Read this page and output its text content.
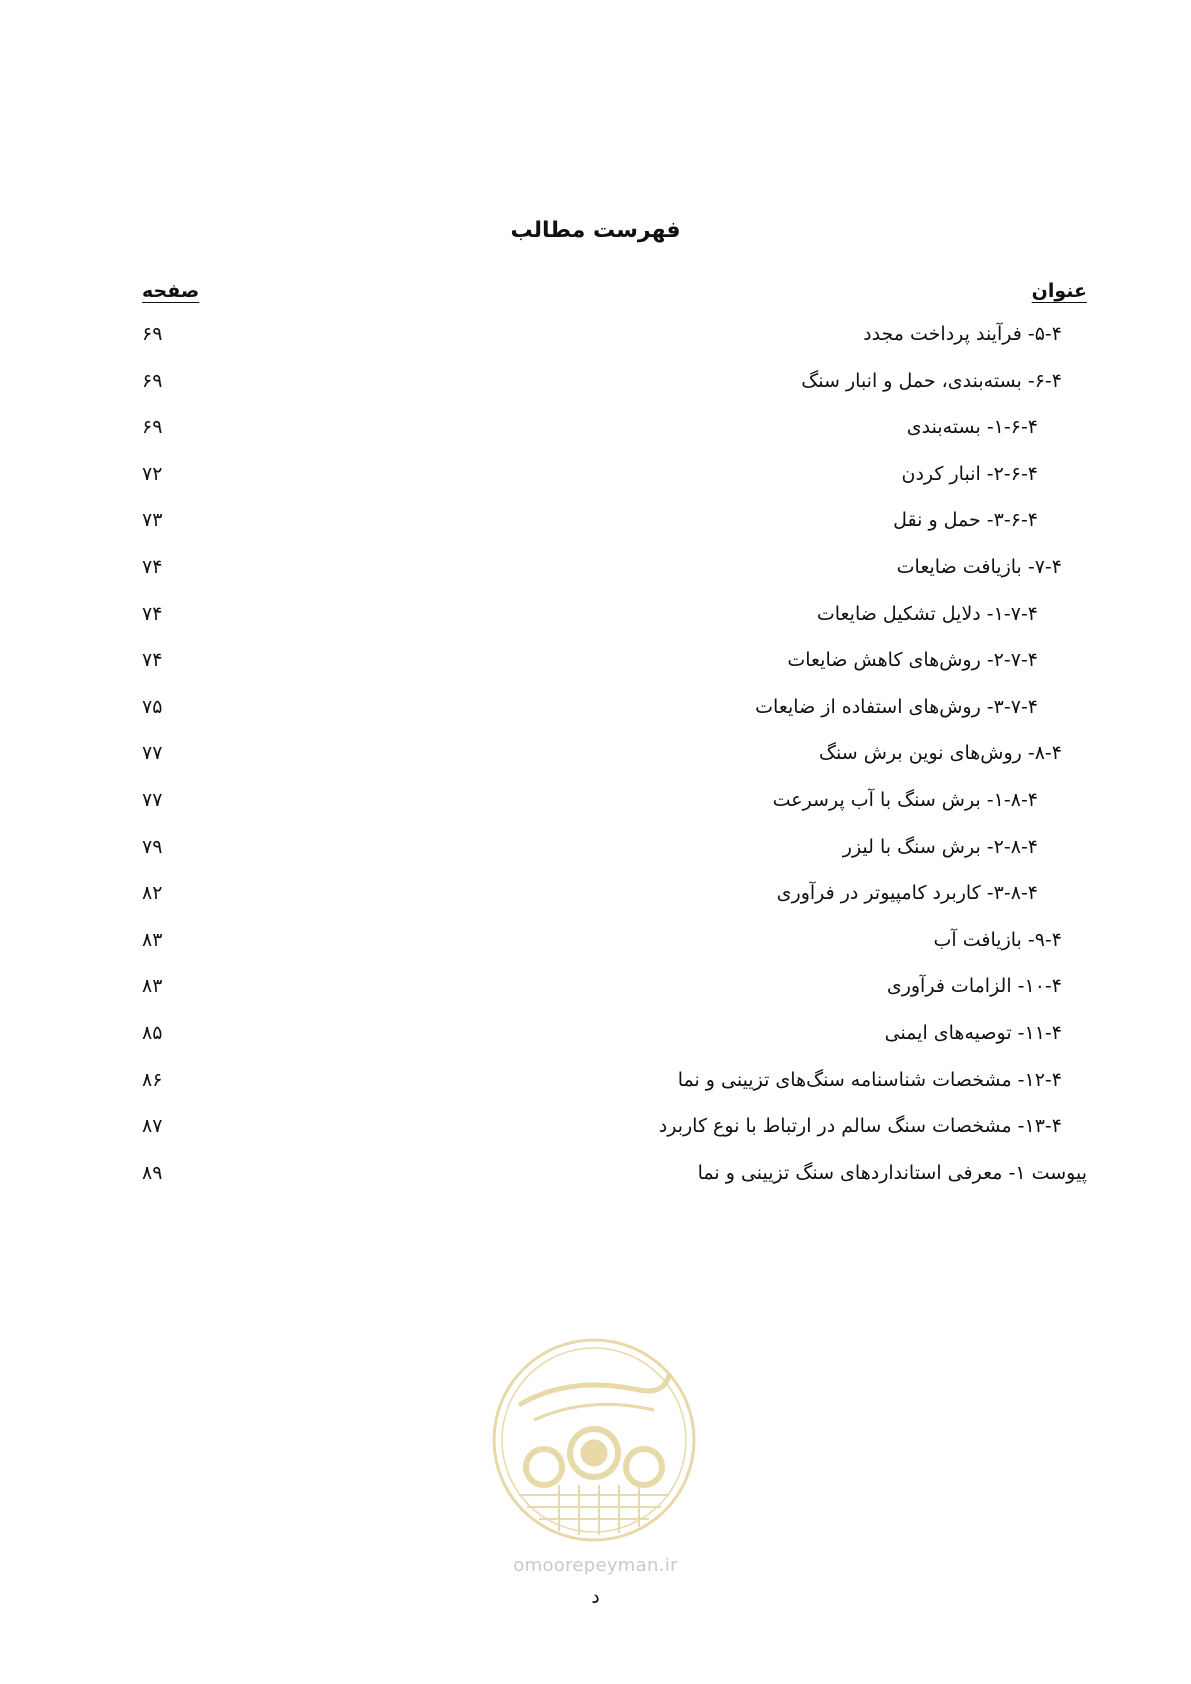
فهرست مطالب
عنوان
صفحه
۵-۴- فرآیند پرداخت مجدد
۶۹
۶-۴- بسته‌بندی، حمل و انبار سنگ
۶۹
۱-۶-۴- بسته‌بندی
۶۹
۲-۶-۴- انبار کردن
۷۲
۳-۶-۴- حمل و نقل
۷۳
۷-۴- بازیافت ضایعات
۷۴
۱-۷-۴- دلایل تشکیل ضایعات
۷۴
۲-۷-۴- روش‌های کاهش ضایعات
۷۴
۳-۷-۴- روش‌های استفاده از ضایعات
۷۵
۸-۴- روش‌های نوین برش سنگ
۷۷
۱-۸-۴- برش سنگ با آب پرسرعت
۷۷
۲-۸-۴- برش سنگ با لیزر
۷۹
۳-۸-۴- کاربرد کامپیوتر در فرآوری
۸۲
۹-۴- بازیافت آب
۸۳
۱۰-۴- الزامات فرآوری
۸۳
۱۱-۴- توصیه‌های ایمنی
۸۵
۱۲-۴- مشخصات شناسنامه سنگ‌های تزیینی و نما
۸۶
۱۳-۴- مشخصات سنگ سالم در ارتباط با نوع کاربرد
۸۷
پیوست ۱- معرفی استانداردهای سنگ تزیینی و نما
۸۹
omoorepeyman.ir
د
